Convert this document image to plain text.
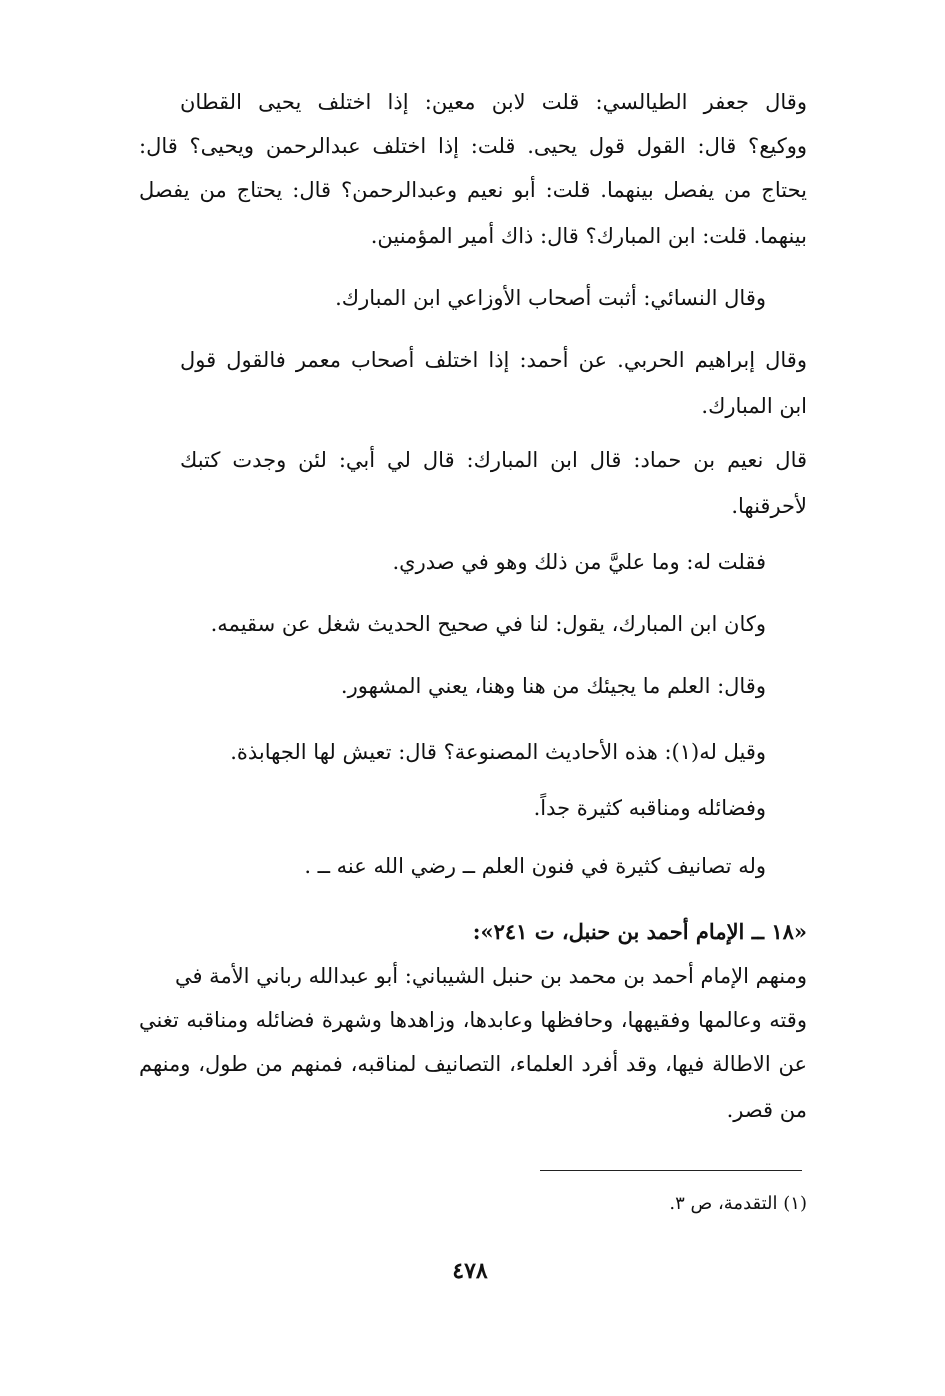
وقال جعفر الطيالسي: قلت لابن معين: إذا اختلف يحيى القطان
ووكيع؟ قال: القول قول يحيى. قلت: إذا اختلف عبدالرحمن ويحيى؟ قال:
يحتاج من يفصل بينهما. قلت: أبو نعيم وعبدالرحمن؟ قال: يحتاج من يفصل
بينهما. قلت: ابن المبارك؟ قال: ذاك أمير المؤمنين.
وقال النسائي: أثبت أصحاب الأوزاعي ابن المبارك.
وقال إبراهيم الحربي. عن أحمد: إذا اختلف أصحاب معمر فالقول قول
ابن المبارك.
قال نعيم بن حماد: قال ابن المبارك: قال لي أبي: لئن وجدت كتبك
لأحرقنها.
فقلت له: وما عليَّ من ذلك وهو في صدري.
وكان ابن المبارك، يقول: لنا في صحيح الحديث شغل عن سقيمه.
وقال: العلم ما يجيئك من هنا وهنا، يعني المشهور.
وقيل له(١): هذه الأحاديث المصنوعة؟ قال: تعيش لها الجهابذة.
وفضائله ومناقبه كثيرة جداً.
وله تصانيف كثيرة في فنون العلم ــ رضي الله عنه ــ .
«١٨ ــ الإمام أحمد بن حنبل، ت ٢٤١»:
ومنهم الإمام أحمد بن محمد بن حنبل الشيباني: أبو عبدالله رباني الأمة في
وقته وعالمها وفقيهها، وحافظها وعابدها، وزاهدها وشهرة فضائله ومناقبه تغني
عن الاطالة فيها، وقد أفرد العلماء، التصانيف لمناقبه، فمنهم من طول، ومنهم
من قصر.
(١) التقدمة، ص ٣.
٤٧٨
